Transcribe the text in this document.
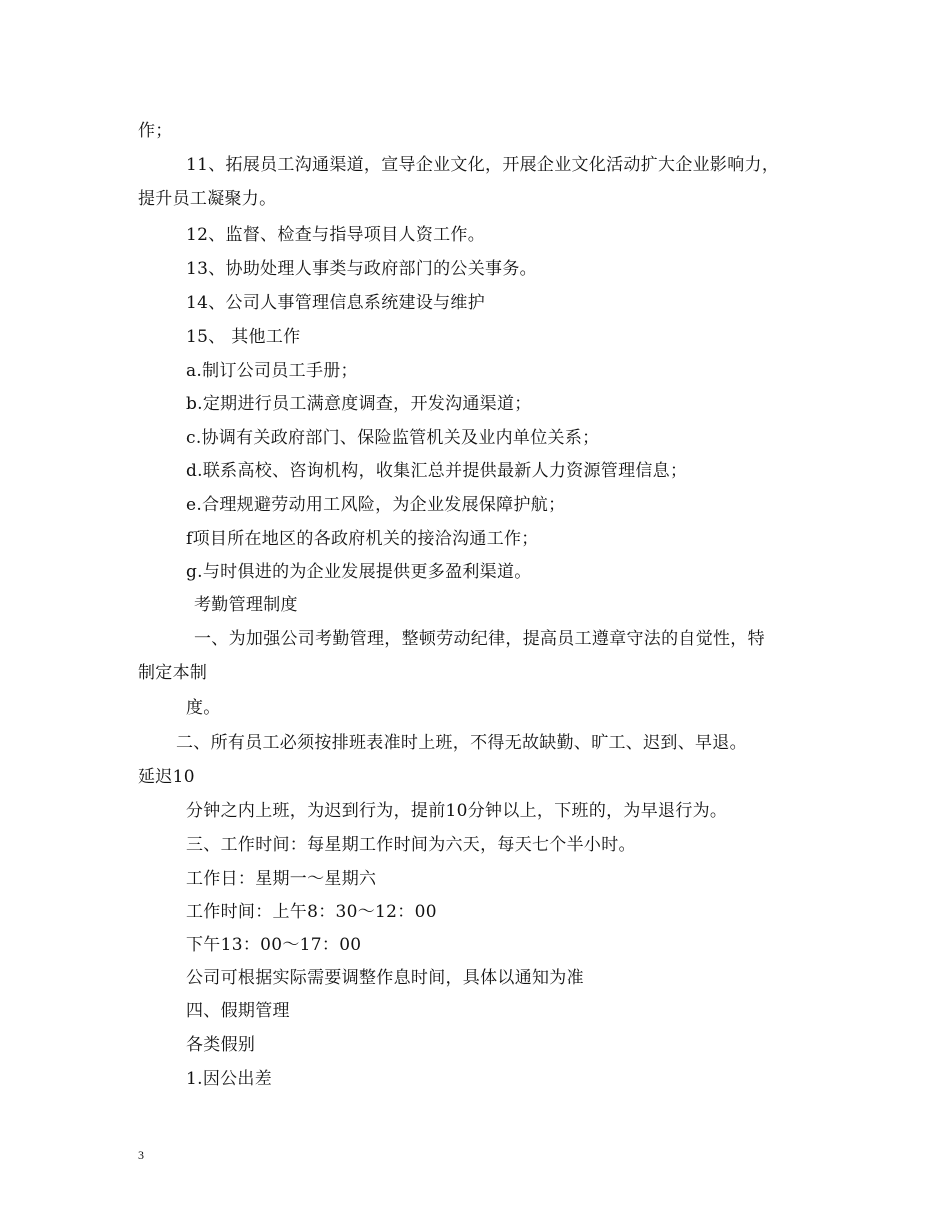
作；
11、拓展员工沟通渠道，宣导企业文化，开展企业文化活动扩大企业影响力，
提升员工凝聚力。
12、监督、检查与指导项目人资工作。
13、协助处理人事类与政府部门的公关事务。
14、公司人事管理信息系统建设与维护
15、 其他工作
a.制订公司员工手册；
b.定期进行员工满意度调查，开发沟通渠道；
c.协调有关政府部门、保险监管机关及业内单位关系；
d.联系高校、咨询机构，收集汇总并提供最新人力资源管理信息；
e.合理规避劳动用工风险，为企业发展保障护航；
f项目所在地区的各政府机关的接洽沟通工作；
g.与时俱进的为企业发展提供更多盈利渠道。
考勤管理制度
一、为加强公司考勤管理，整顿劳动纪律，提高员工遵章守法的自觉性，特
制定本制
度。
二、所有员工必须按排班表准时上班，不得无故缺勤、旷工、迟到、早退。
延迟10
分钟之内上班，为迟到行为，提前10分钟以上，下班的，为早退行为。
三、工作时间：每星期工作时间为六天，每天七个半小时。
工作日：星期一～星期六
工作时间：上午8：30～12：00
下午13：00～17：00
公司可根据实际需要调整作息时间，具体以通知为准
四、假期管理
各类假别
1.因公出差
3
